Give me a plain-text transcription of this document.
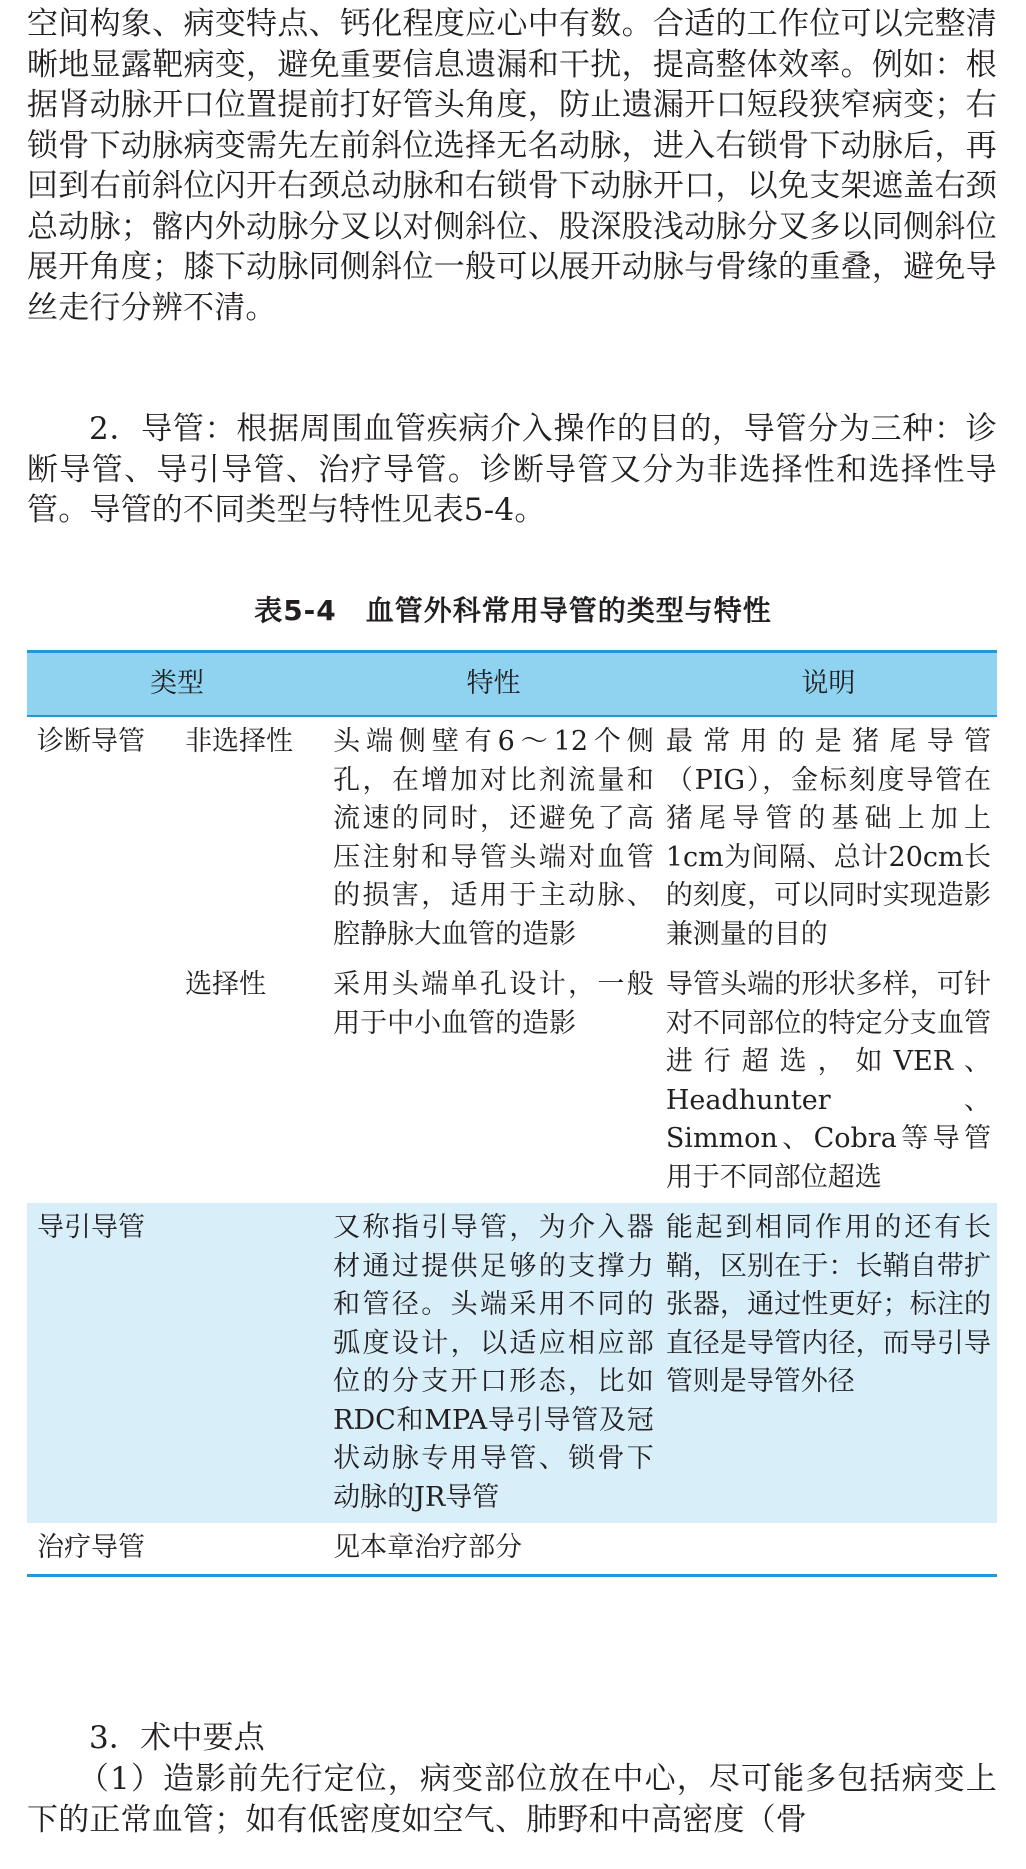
空间构象、病变特点、钙化程度应心中有数。合适的工作位可以完整清晰地显露靶病变，避免重要信息遗漏和干扰，提高整体效率。例如：根据肾动脉开口位置提前打好管头角度，防止遗漏开口短段狭窄病变；右锁骨下动脉病变需先左前斜位选择无名动脉，进入右锁骨下动脉后，再回到右前斜位闪开右颈总动脉和右锁骨下动脉开口，以免支架遮盖右颈总动脉；髂内外动脉分叉以对侧斜位、股深股浅动脉分叉多以同侧斜位展开角度；膝下动脉同侧斜位一般可以展开动脉与骨缘的重叠，避免导丝走行分辨不清。
2．导管：根据周围血管疾病介入操作的目的，导管分为三种：诊断导管、导引导管、治疗导管。诊断导管又分为非选择性和选择性导管。导管的不同类型与特性见表5-4。
表5-4　血管外科常用导管的类型与特性
类型		特性	说明
诊断导管	非选择性	头端侧壁有6～12个侧孔，在增加对比剂流量和流速的同时，还避免了高压注射和导管头端对血管的损害，适用于主动脉、腔静脉大血管的造影	最常用的是猪尾导管（PIG），金标刻度导管在猪尾导管的基础上加上1cm为间隔、总计20cm长的刻度，可以同时实现造影兼测量的目的
	选择性	采用头端单孔设计，一般用于中小血管的造影	导管头端的形状多样，可针对不同部位的特定分支血管进行超选，如VER、Headhunter、Simmon、Cobra等导管用于不同部位超选
导引导管		又称指引导管，为介入器材通过提供足够的支撑力和管径。头端采用不同的弧度设计，以适应相应部位的分支开口形态，比如RDC和MPA导引导管及冠状动脉专用导管、锁骨下动脉的JR导管	能起到相同作用的还有长鞘，区别在于：长鞘自带扩张器，通过性更好；标注的直径是导管内径，而导引导管则是导管外径
治疗导管		见本章治疗部分	
3．术中要点
（1）造影前先行定位，病变部位放在中心，尽可能多包括病变上下的正常血管；如有低密度如空气、肺野和中高密度（骨
